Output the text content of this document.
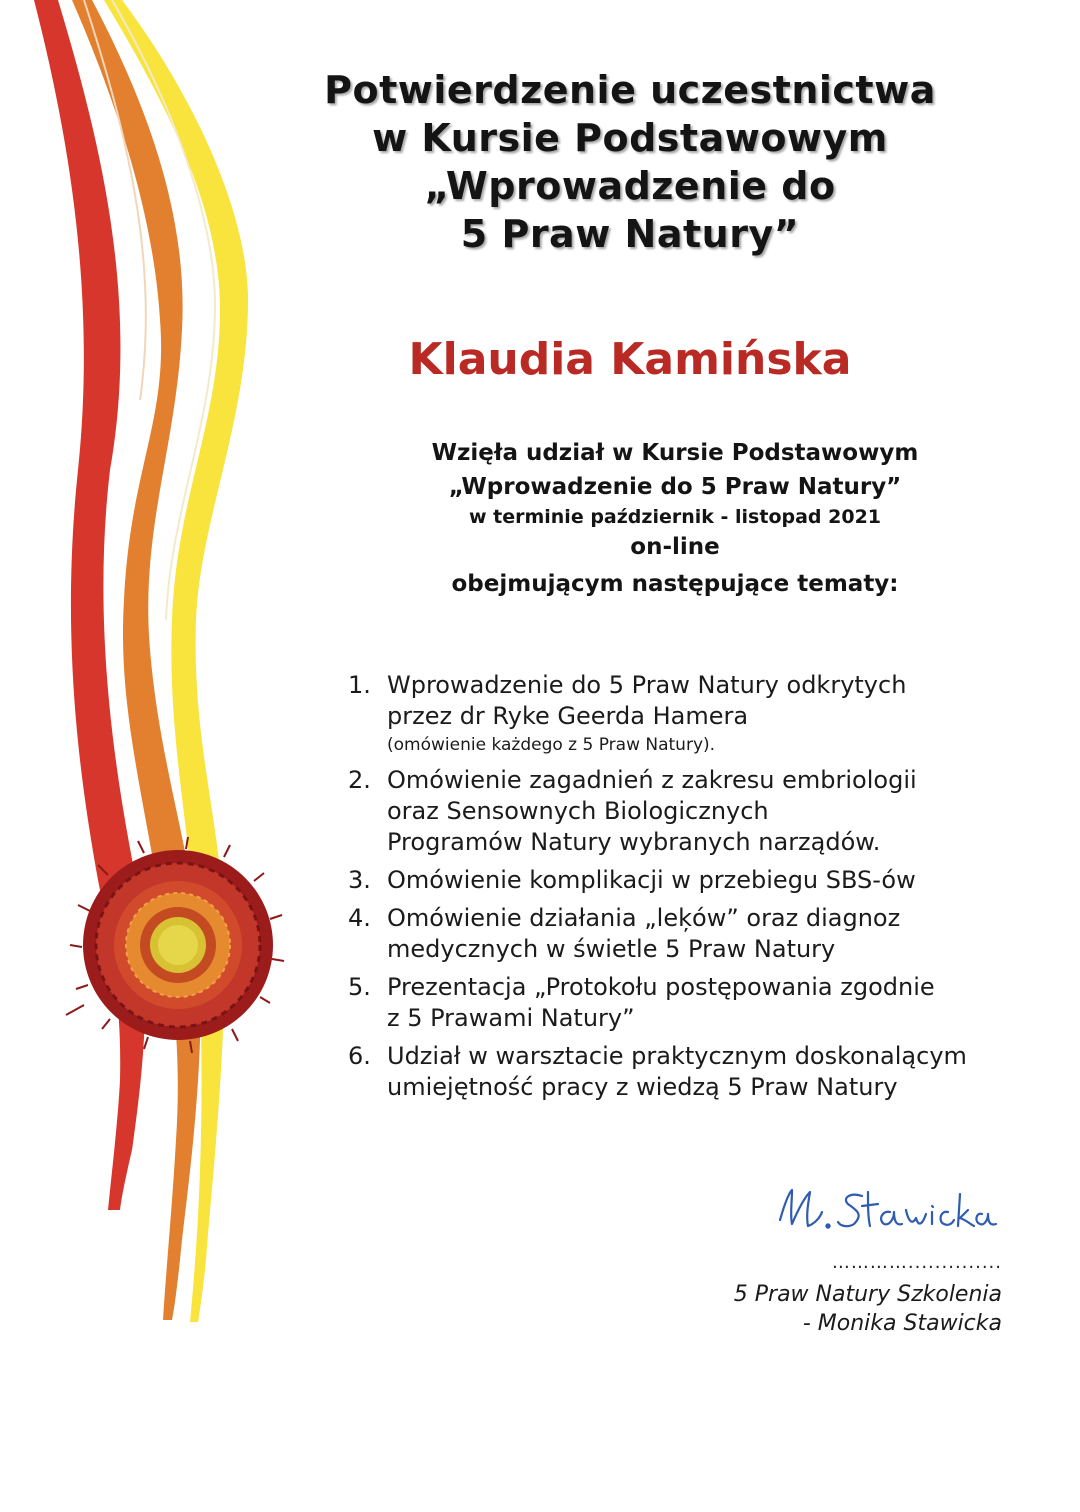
Potwierdzenie uczestnictwa
w Kursie Podstawowym
„Wprowadzenie do
5 Praw Natury”
Klaudia Kamińska
Wzięła udział w Kursie Podstawowym
„Wprowadzenie do 5 Praw Natury”
w terminie październik - listopad 2021
on-line
obejmującym następujące tematy:
1. Wprowadzenie do 5 Praw Natury odkrytych
przez dr Ryke Geerda Hamera
(omówienie każdego z 5 Praw Natury).
2. Omówienie zagadnień z zakresu embriologii
oraz Sensownych Biologicznych
Programów Natury wybranych narządów.
3. Omówienie komplikacji w przebiegu SBS-ów
4. Omówienie działania „leķów” oraz diagnoz
medycznych w świetle 5 Praw Natury
5. Prezentacja „Protokołu postępowania zgodnie
z 5 Prawami Natury”
6. Udział w warsztacie praktycznym doskonalącym
umiejętność pracy z wiedzą 5 Praw Natury
…………..............
5 Praw Natury Szkolenia
- Monika Stawicka
